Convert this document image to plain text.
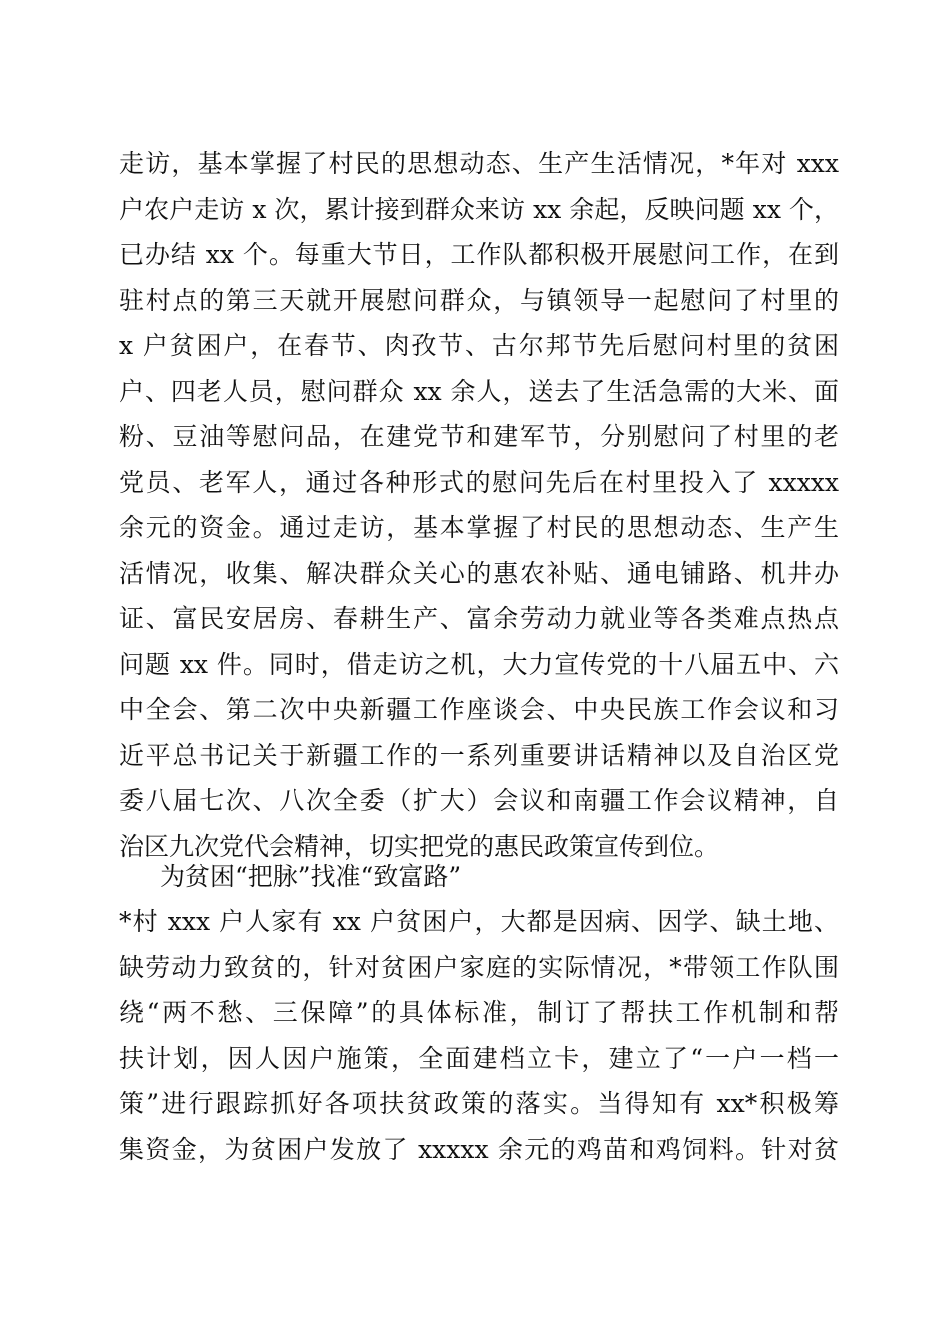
走访，基本掌握了村民的思想动态、生产生活情况，*年对 xxx
户农户走访 x 次，累计接到群众来访 xx 余起，反映问题 xx 个，
已办结 xx 个。每重大节日，工作队都积极开展慰问工作，在到
驻村点的第三天就开展慰问群众，与镇领导一起慰问了村里的
x 户贫困户，在春节、肉孜节、古尔邦节先后慰问村里的贫困
户、四老人员，慰问群众 xx 余人，送去了生活急需的大米、面
粉、豆油等慰问品，在建党节和建军节，分别慰问了村里的老
党员、老军人，通过各种形式的慰问先后在村里投入了 xxxxx
余元的资金。通过走访，基本掌握了村民的思想动态、生产生
活情况，收集、解决群众关心的惠农补贴、通电铺路、机井办
证、富民安居房、春耕生产、富余劳动力就业等各类难点热点
问题 xx 件。同时，借走访之机，大力宣传党的十八届五中、六
中全会、第二次中央新疆工作座谈会、中央民族工作会议和习
近平总书记关于新疆工作的一系列重要讲话精神以及自治区党
委八届七次、八次全委（扩大）会议和南疆工作会议精神，自
治区九次党代会精神，切实把党的惠民政策宣传到位。
为贫困“把脉”找准“致富路”
*村 xxx 户人家有 xx 户贫困户，大都是因病、因学、缺土地、
缺劳动力致贫的，针对贫困户家庭的实际情况，*带领工作队围
绕“两不愁、三保障”的具体标准，制订了帮扶工作机制和帮
扶计划，因人因户施策，全面建档立卡，建立了“一户一档一
策”进行跟踪抓好各项扶贫政策的落实。当得知有 xx*积极筹
集资金，为贫困户发放了 xxxxx 余元的鸡苗和鸡饲料。针对贫
